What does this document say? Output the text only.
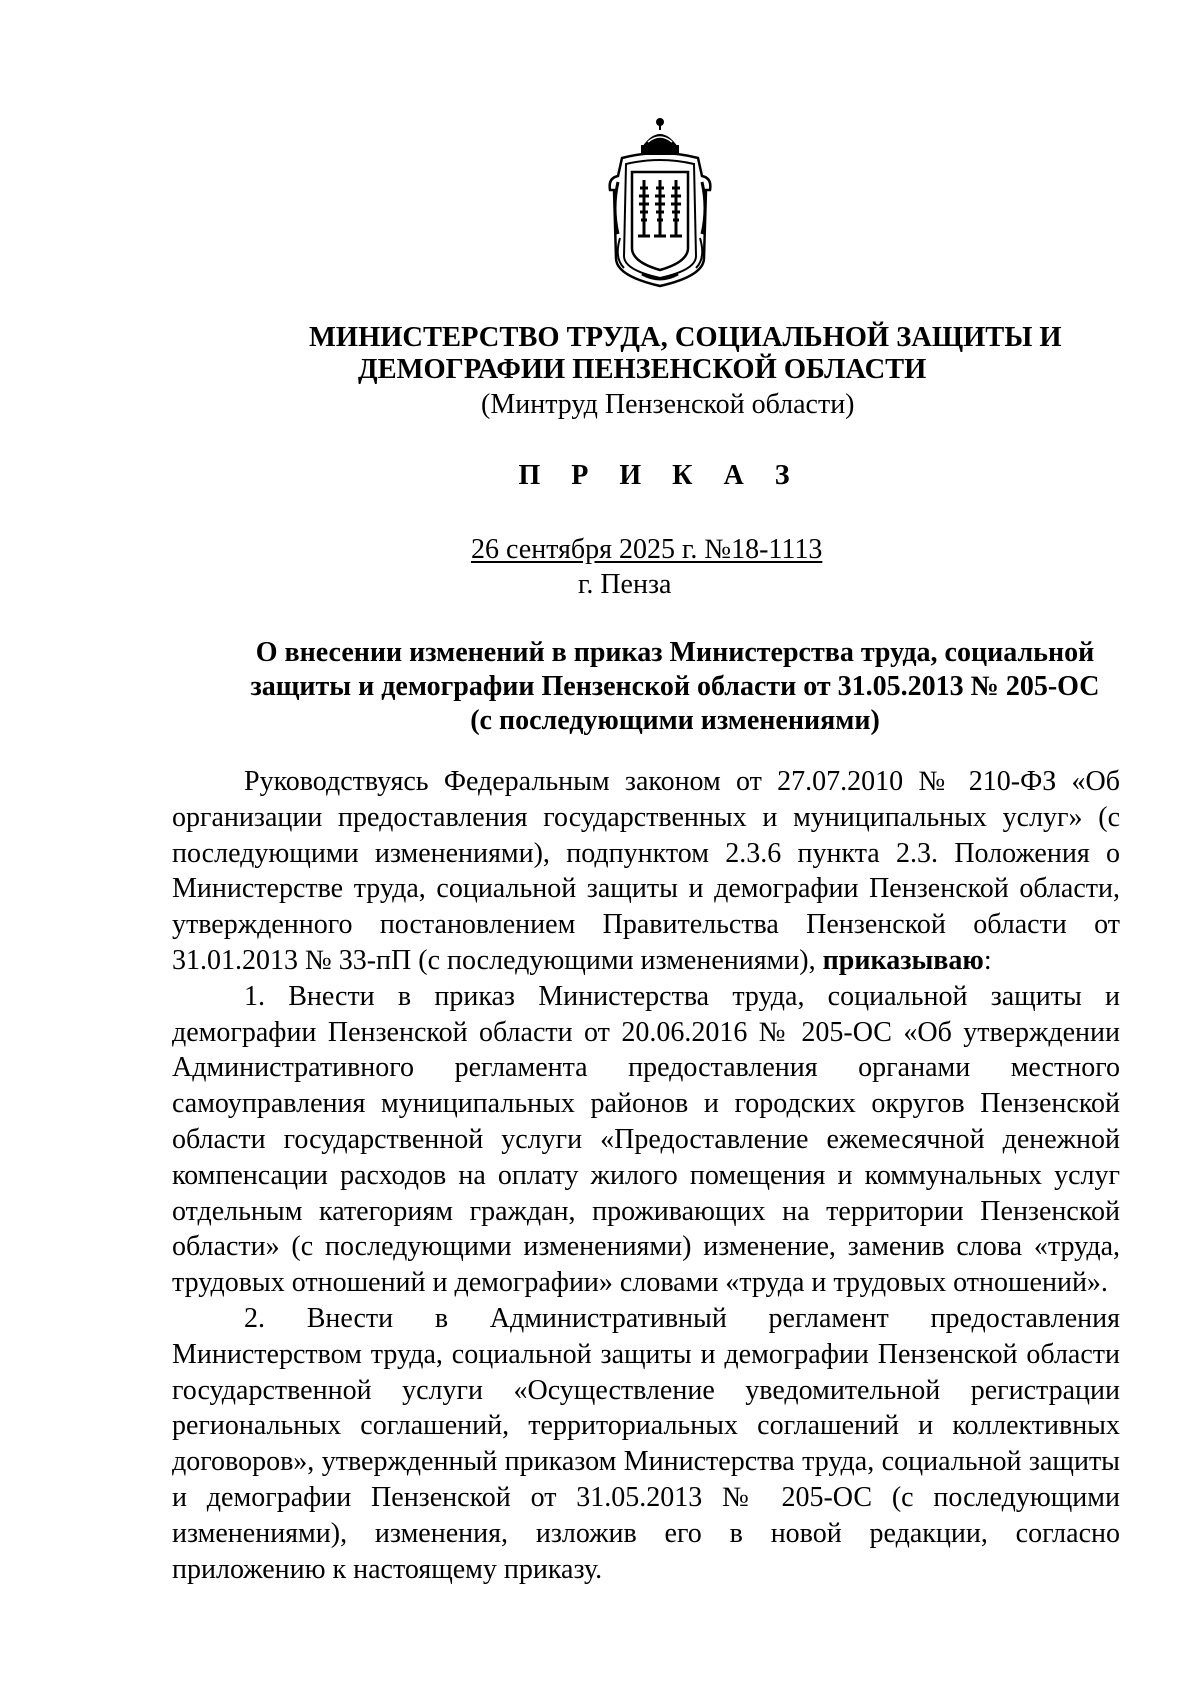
МИНИСТЕРСТВО ТРУДА, СОЦИАЛЬНОЙ ЗАЩИТЫ И
ДЕМОГРАФИИ ПЕНЗЕНСКОЙ ОБЛАСТИ
(Минтруд Пензенской области)
П Р И К А З
26 сентября 2025 г. №18-1113
г. Пенза
О внесении изменений в приказ Министерства труда, социальной
защиты и демографии Пензенской области от 31.05.2013 № 205-ОС
(с последующими изменениями)

Руководствуясь Федеральным законом от 27.07.2010 № 210-ФЗ «Об организации предоставления государственных и муниципальных услуг» (с последующими изменениями), подпунктом 2.3.6 пункта 2.3. Положения о Министерстве труда, социальной защиты и демографии Пензенской области, утвержденного постановлением Правительства Пензенской области от 31.01.2013 № 33-пП (с последующими изменениями), приказываю:

1. Внести в приказ Министерства труда, социальной защиты и демографии Пензенской области от 20.06.2016 № 205-ОС «Об утверждении Административного регламента предоставления органами местного самоуправления муниципальных районов и городских округов Пензенской области государственной услуги «Предоставление ежемесячной денежной компенсации расходов на оплату жилого помещения и коммунальных услуг отдельным категориям граждан, проживающих на территории Пензенской области» (с последующими изменениями) изменение, заменив слова «труда, трудовых отношений и демографии» словами «труда и трудовых отношений».

2. Внести в Административный регламент предоставления Министерством труда, социальной защиты и демографии Пензенской области государственной услуги «Осуществление уведомительной регистрации региональных соглашений, территориальных соглашений и коллективных договоров», утвержденный приказом Министерства труда, социальной защиты и демографии Пензенской от 31.05.2013 № 205-ОС (с последующими изменениями), изменения, изложив его в новой редакции, согласно приложению к настоящему приказу.
